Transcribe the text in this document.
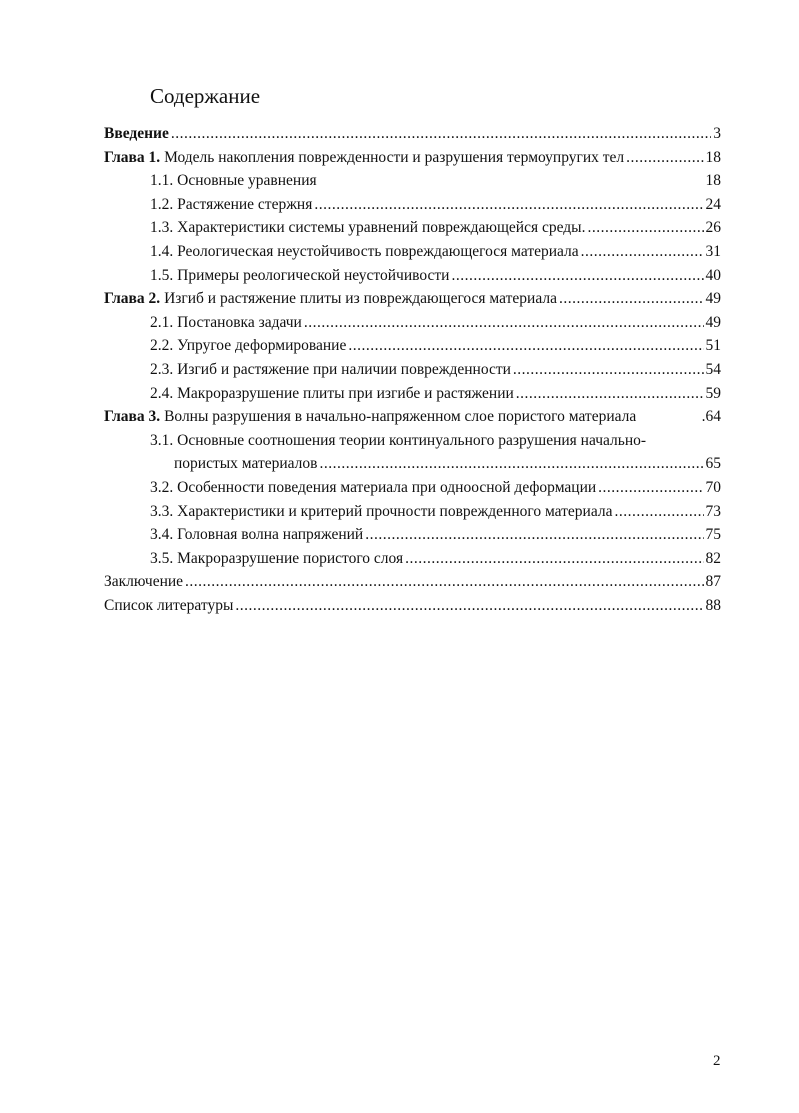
Содержание
Введение .....	3
Глава 1. Модель накопления поврежденности и разрушения термоупругих тел .....	18
1.1. Основные уравнения	18
1.2. Растяжение стержня .....	24
1.3. Характеристики системы уравнений повреждающейся среды. .....	26
1.4. Реологическая неустойчивость повреждающегося материала .....	31
1.5. Примеры реологической неустойчивости .....	40
Глава 2. Изгиб и растяжение плиты из повреждающегося материала .....	49
2.1. Постановка задачи .....	49
2.2. Упругое деформирование .....	51
2.3. Изгиб и растяжение при наличии поврежденности .....	54
2.4. Макроразрушение плиты при изгибе и растяжении .....	59
Глава 3. Волны разрушения в начально-напряженном слое пористого материала	.64
3.1. Основные соотношения теории континуального разрушения начально-
пористых материалов .....	65
3.2. Особенности поведения материала при одноосной деформации .....	70
3.3. Характеристики и критерий прочности поврежденного материала .....	73
3.4. Головная волна напряжений .....	75
3.5. Макроразрушение пористого слоя .....	82
Заключение .....	87
Список литературы .....	88
2
